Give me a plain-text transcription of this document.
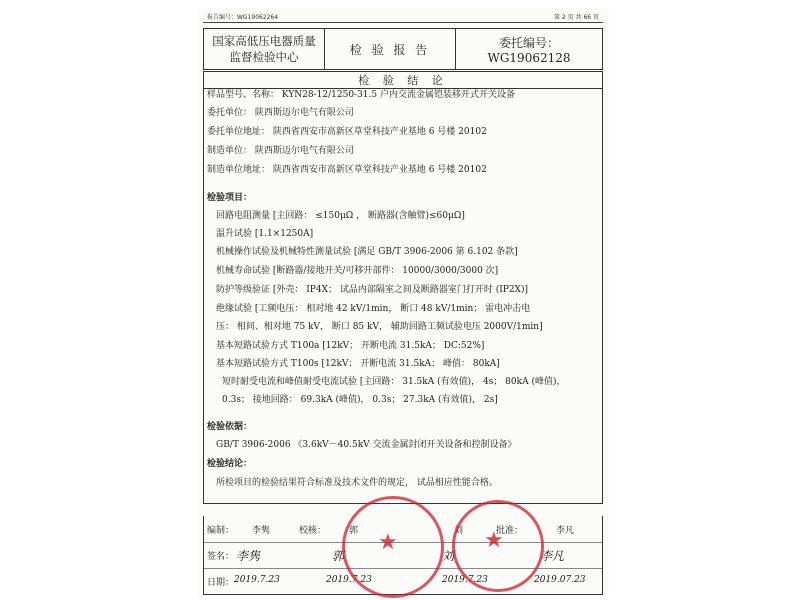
报告编号：WG19062264	第 2 页 共 66 页
国家高低压电器质量
监督检验中心
检 验 报 告	委托编号： WG19062128
检 验 结 论
样品型号、名称： KYN28-12/1250-31.5 户内交流金属铠装移开式开关设备
委托单位： 陕西斯迈尔电气有限公司
委托单位地址： 陕西省西安市高新区草堂科技产业基地 6 号楼 20102
制造单位： 陕西斯迈尔电气有限公司
制造单位地址： 陕西省西安市高新区草堂科技产业基地 6 号楼 20102
检验项目：
回路电阻测量 [主回路： ≤150μΩ ， 断路器(含触臂)≤60μΩ]
温升试验 [1.1×1250A]
机械操作试验及机械特性测量试验 [满足 GB/T 3906-2006 第 6.102 条款]
机械寿命试验 [断路器/接地开关/可移开部件： 10000/3000/3000 次]
防护等级验证 [外壳： IP4X； 试品内部隔室之间及断路器室门打开时 (IP2X)]
绝缘试验 [工频电压： 相对地 42 kV/1min， 断口 48 kV/1min； 雷电冲击电
压： 相间、相对地 75 kV， 断口 85 kV， 辅助回路工频试验电压 2000V/1min]
基本短路试验方式 T100a [12kV； 开断电流 31.5kA； DC:52%]
基本短路试验方式 T100s [12kV； 开断电流 31.5kA； 峰值： 80kA]
短时耐受电流和峰值耐受电流试验 [主回路： 31.5kA (有效值)， 4s； 80kA (峰值)，
0.3s； 接地回路： 69.3kA (峰值)， 0.3s； 27.3kA (有效值)， 2s]
检验依据：
GB/T 3906-2006 《3.6kV－40.5kV 交流金属封闭开关设备和控制设备》
检验结论：
所检项目的检验结果符合标准及技术文件的规定， 试品相应性能合格。
编制： 李隽	校核：	郭	刘	批准：	李凡
签名： 李隽	郭	刘	李凡
日期： 2019.7.23	2019.7.23	2019.7.23	2019.07.23
★	★
